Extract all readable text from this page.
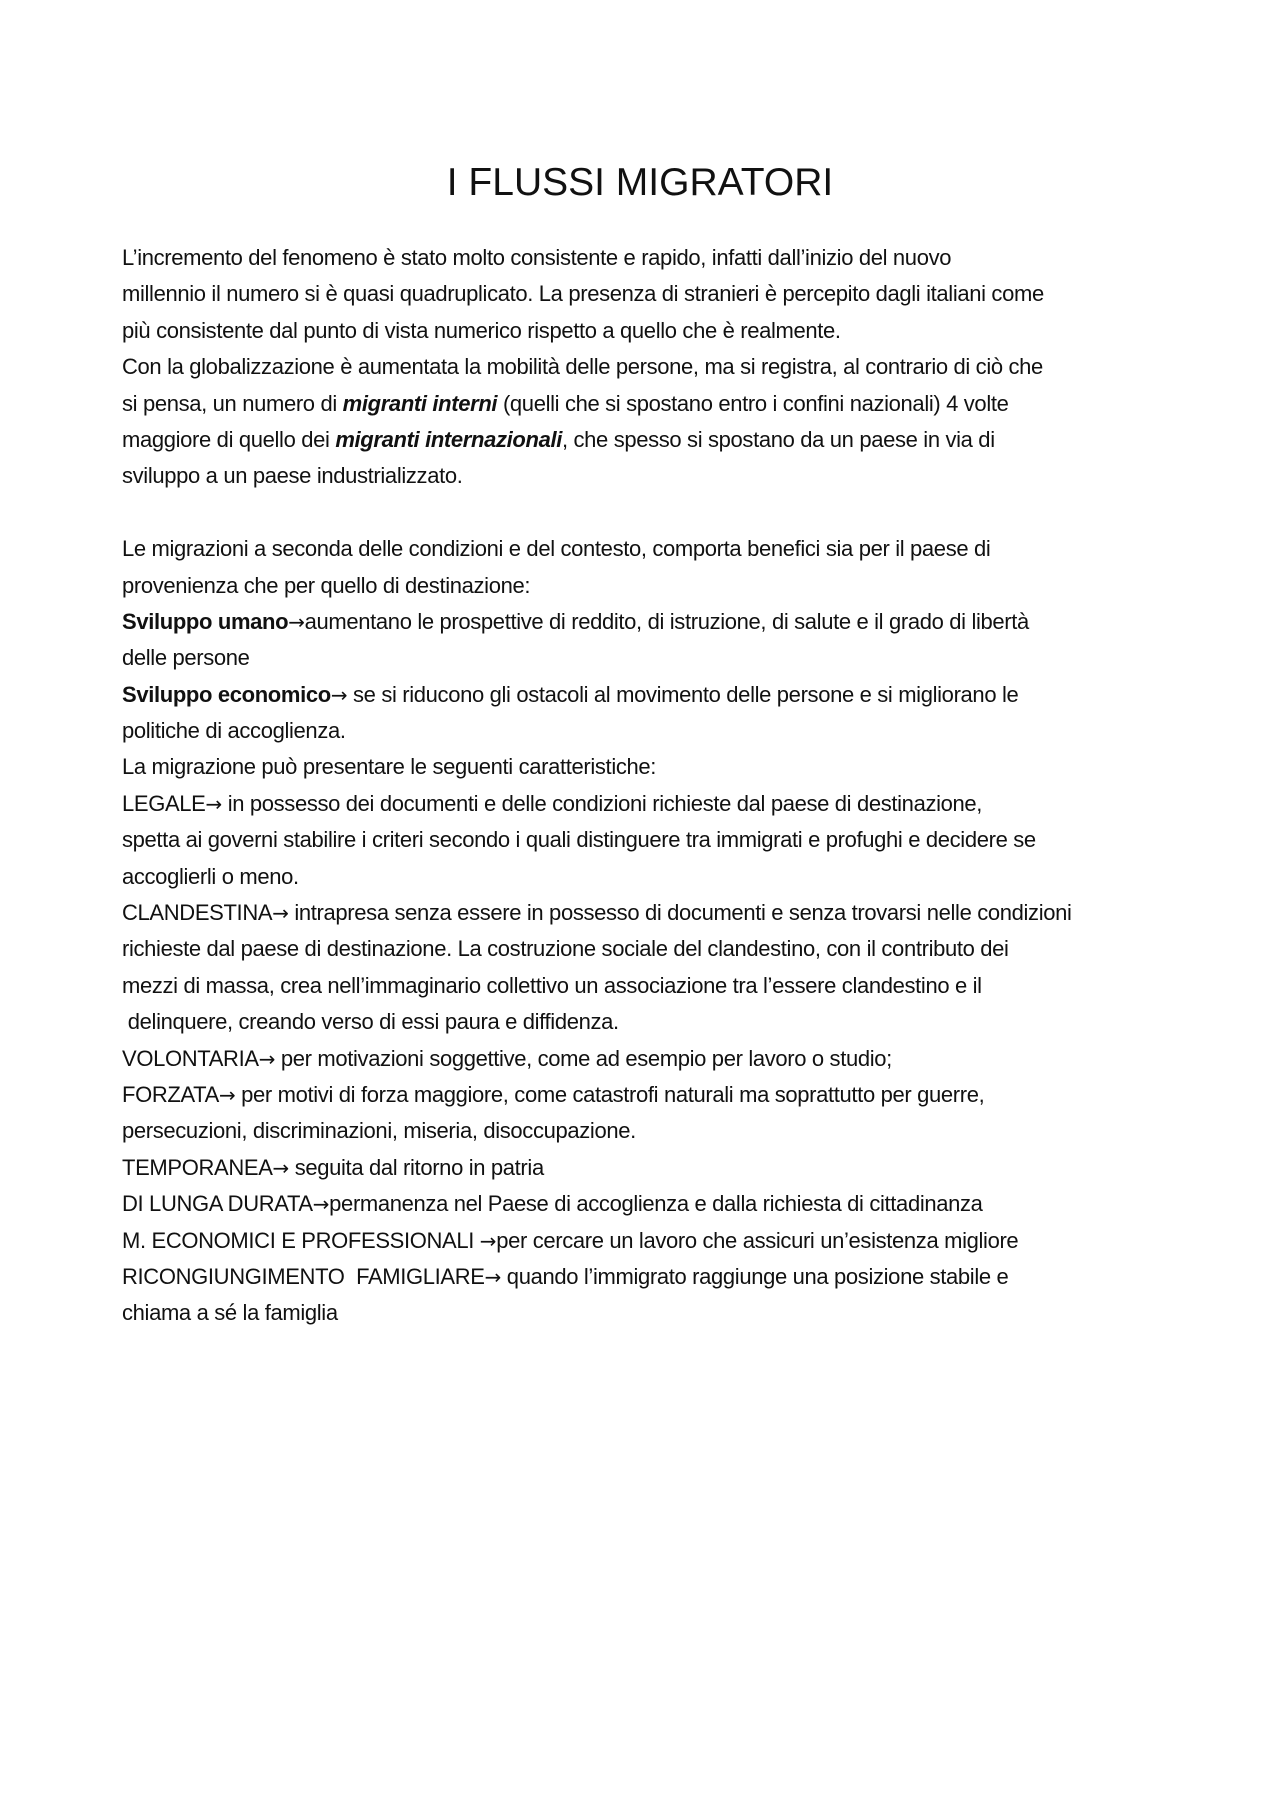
I FLUSSI MIGRATORI
L’incremento del fenomeno è stato molto consistente e rapido, infatti dall’inizio del nuovo
millennio il numero si è quasi quadruplicato. La presenza di stranieri è percepito dagli italiani come
più consistente dal punto di vista numerico rispetto a quello che è realmente.
Con la globalizzazione è aumentata la mobilità delle persone, ma si registra, al contrario di ciò che
si pensa, un numero di migranti interni (quelli che si spostano entro i confini nazionali) 4 volte
maggiore di quello dei migranti internazionali, che spesso si spostano da un paese in via di
sviluppo a un paese industrializzato.
Le migrazioni a seconda delle condizioni e del contesto, comporta benefici sia per il paese di
provenienza che per quello di destinazione:
Sviluppo umano→aumentano le prospettive di reddito, di istruzione, di salute e il grado di libertà
delle persone
Sviluppo economico→ se si riducono gli ostacoli al movimento delle persone e si migliorano le
politiche di accoglienza.
La migrazione può presentare le seguenti caratteristiche:
LEGALE→ in possesso dei documenti e delle condizioni richieste dal paese di destinazione,
spetta ai governi stabilire i criteri secondo i quali distinguere tra immigrati e profughi e decidere se
accoglierli o meno.
CLANDESTINA→ intrapresa senza essere in possesso di documenti e senza trovarsi nelle condizioni
richieste dal paese di destinazione. La costruzione sociale del clandestino, con il contributo dei
mezzi di massa, crea nell’immaginario collettivo un associazione tra l’essere clandestino e il
delinquere, creando verso di essi paura e diffidenza.
VOLONTARIA→ per motivazioni soggettive, come ad esempio per lavoro o studio;
FORZATA→ per motivi di forza maggiore, come catastrofi naturali ma soprattutto per guerre,
persecuzioni, discriminazioni, miseria, disoccupazione.
TEMPORANEA→ seguita dal ritorno in patria
DI LUNGA DURATA→permanenza nel Paese di accoglienza e dalla richiesta di cittadinanza
M. ECONOMICI E PROFESSIONALI →per cercare un lavoro che assicuri un’esistenza migliore
RICONGIUNGIMENTO  FAMIGLIARE→ quando l’immigrato raggiunge una posizione stabile e
chiama a sé la famiglia
